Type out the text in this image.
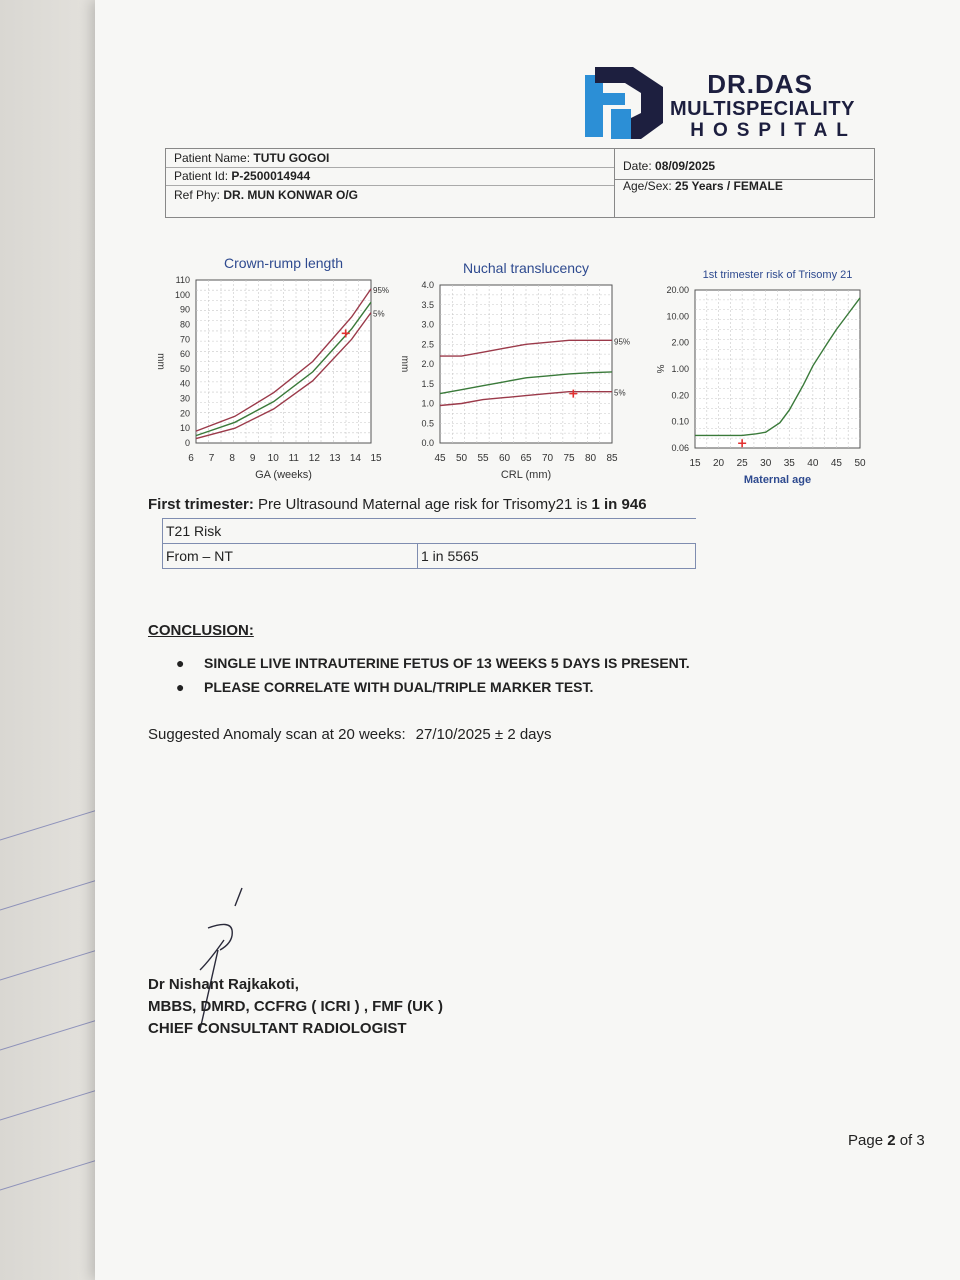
DR.DAS
MULTISPECIALITY
HOSPITAL
Patient Name: TUTU GOGOI
Patient Id: P-2500014944
Ref Phy: DR. MUN KONWAR O/G
Date: 08/09/2025
Age/Sex: 25 Years / FEMALE
Crown-rump length
6 7 8 9 10 11 12 13 14 15
110
100
90
80
70
60
50
40
30
20
10
0
GA (weeks)
mm
95%
5%
Nuchal translucency
45 50 55 60 65 70 75 80 85
4.0
3.5
3.0
2.5
2.0
1.5
1.0
0.5
0.0
CRL (mm)
mm
95%
5%
1st trimester risk of Trisomy 21
15 20 25 30 35 40 45 50
20.00
10.00
2.00
1.00
0.20
0.10
0.06
Maternal age
%
First trimester: Pre Ultrasound Maternal age risk for Trisomy21 is 1 in 946
T21 Risk
From – NT	1 in 5565
CONCLUSION:
● SINGLE LIVE INTRAUTERINE FETUS OF 13 WEEKS 5 DAYS IS PRESENT.
● PLEASE CORRELATE WITH DUAL/TRIPLE MARKER TEST.
Suggested Anomaly scan at 20 weeks: 27/10/2025 ± 2 days
Dr Nishant Rajkakoti,
MBBS, DMRD, CCFRG ( ICRI ) , FMF (UK )
CHIEF CONSULTANT RADIOLOGIST
Page 2 of 3
